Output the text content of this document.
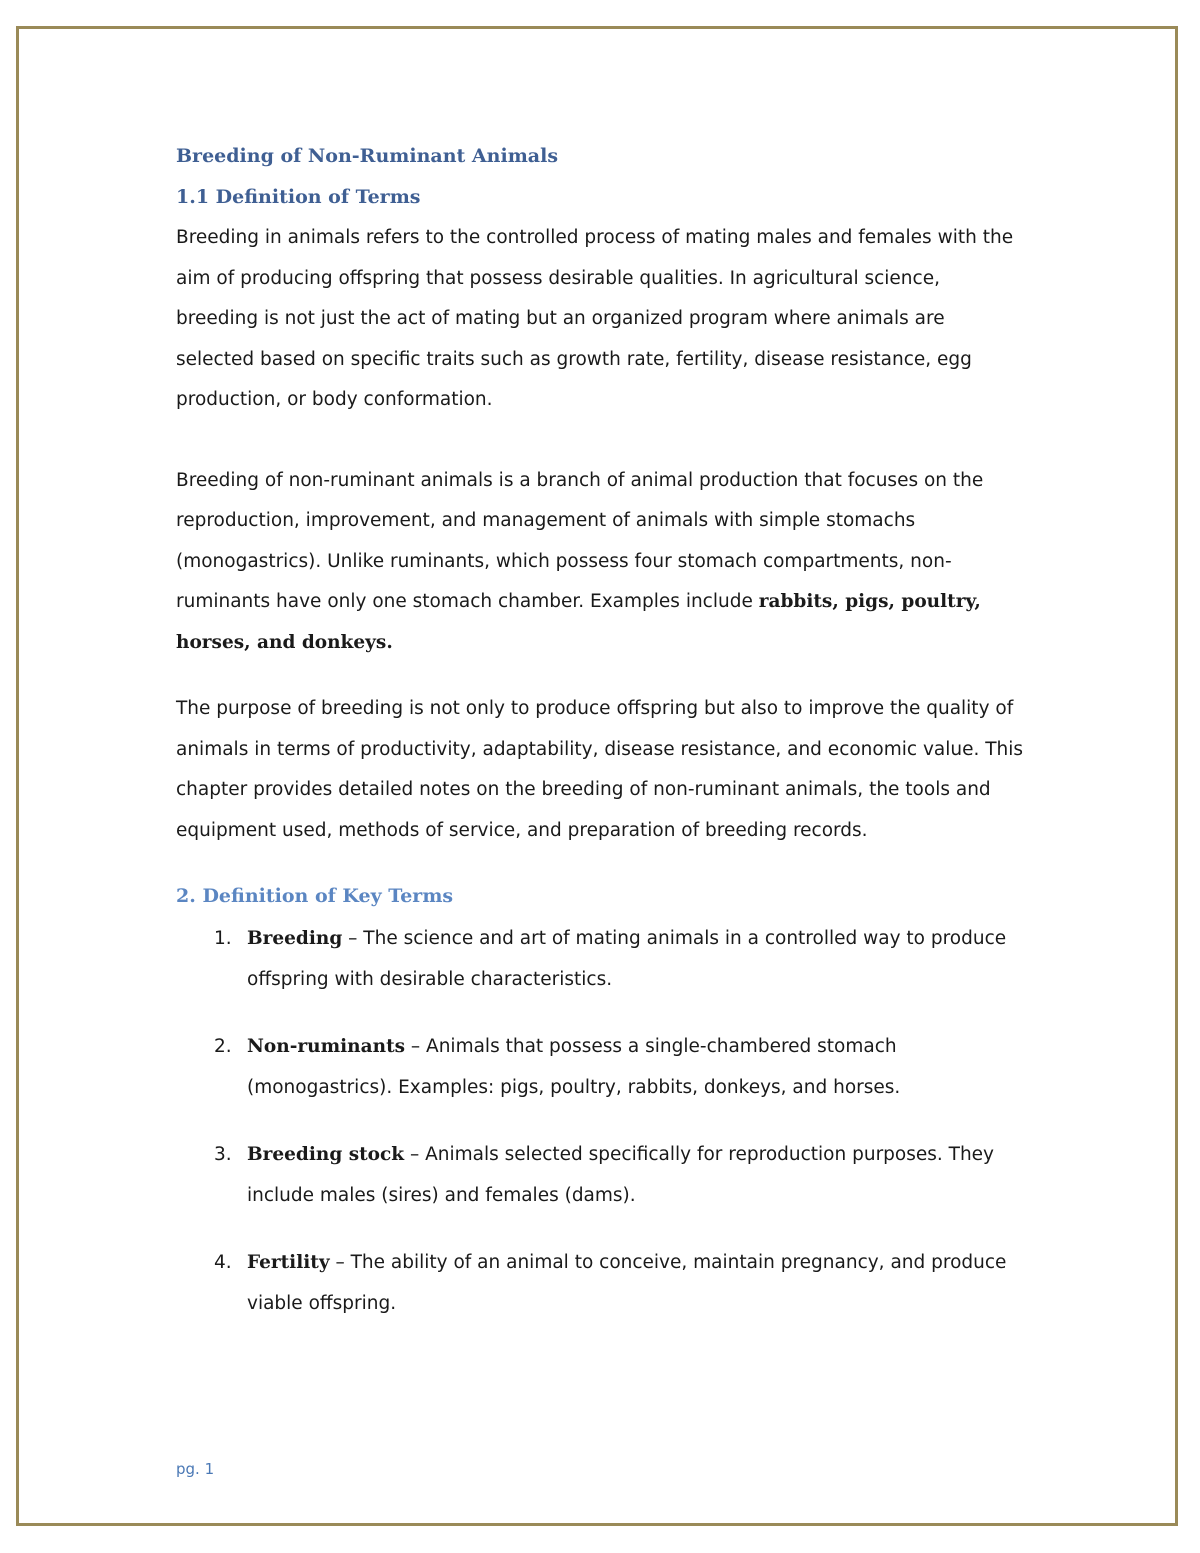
Breeding of Non-Ruminant Animals
1.1 Definition of Terms

Breeding in animals refers to the controlled process of mating males and females with the aim of producing offspring that possess desirable qualities. In agricultural science, breeding is not just the act of mating but an organized program where animals are selected based on specific traits such as growth rate, fertility, disease resistance, egg production, or body conformation.

Breeding of non-ruminant animals is a branch of animal production that focuses on the reproduction, improvement, and management of animals with simple stomachs (monogastrics). Unlike ruminants, which possess four stomach compartments, non-ruminants have only one stomach chamber. Examples include rabbits, pigs, poultry, horses, and donkeys.

The purpose of breeding is not only to produce offspring but also to improve the quality of animals in terms of productivity, adaptability, disease resistance, and economic value. This chapter provides detailed notes on the breeding of non-ruminant animals, the tools and equipment used, methods of service, and preparation of breeding records.

2. Definition of Key Terms
1. Breeding – The science and art of mating animals in a controlled way to produce offspring with desirable characteristics.
2. Non-ruminants – Animals that possess a single-chambered stomach (monogastrics). Examples: pigs, poultry, rabbits, donkeys, and horses.
3. Breeding stock – Animals selected specifically for reproduction purposes. They include males (sires) and females (dams).
4. Fertility – The ability of an animal to conceive, maintain pregnancy, and produce viable offspring.
pg. 1
